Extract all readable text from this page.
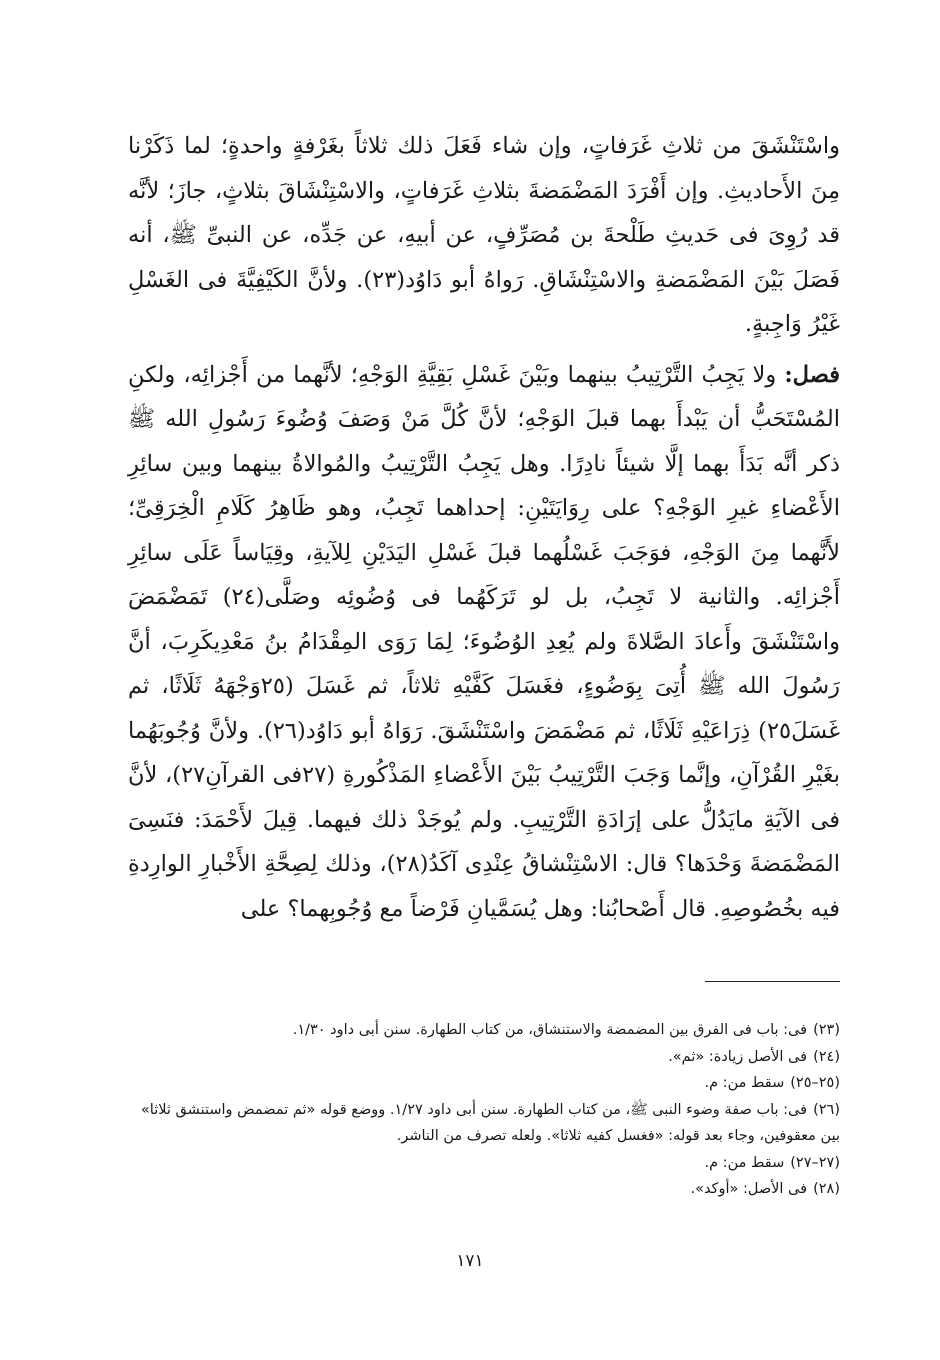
واسْتَنْشَقَ من ثلاثِ غَرَفاتٍ، وإن شاء فَعَلَ ذلك ثلاثاً بغَرْفةٍ واحدةٍ؛ لما ذَكَرْنا مِنَ الأَحاديثِ. وإن أَفْرَدَ المَضْمَضةَ بثلاثِ غَرَفاتٍ، والاسْتِنْشَاقَ بثلاثٍ، جازَ؛ لأنَّه قد رُوِىَ فى حَديثِ طَلْحةَ بن مُصَرِّفٍ، عن أبيهِ، عن جَدِّه، عن النبىِّ ﷺ، أنه فَصَلَ بَيْنَ المَضْمَضةِ والاسْتِنْشَاقِ. رَواهُ أبو دَاوُد(٢٣). ولأنَّ الكَيْفِيَّةَ فى الغَسْلِ غَيْرُ وَاجِبةٍ.

فصل: ولا يَجِبُ التَّرْتِيبُ بينهما وبَيْنَ غَسْلِ بَقِيَّةِ الوَجْهِ؛ لأنَّهما من أَجْزائِه، ولكنِ المُسْتَحَبُّ أن يَبْدأَ بهما قبلَ الوَجْهِ؛ لأنَّ كُلَّ مَنْ وَصَفَ وُضُوءَ رَسُولِ الله ﷺ ذكر أنَّه بَدَأَ بهما إلَّا شيئاً نادِرًا. وهل يَجِبُ التَّرْتِيبُ والمُوالاةُ بينهما وبين سائِرِ الأَعْضاءِ غيرِ الوَجْهِ؟ على رِوَايَتَيْنِ: إحداهما تَجِبُ، وهو ظَاهِرُ كَلَامِ الْخِرَقِىِّ؛ لأَنَّهما مِنَ الوَجْهِ، فوَجَبَ غَسْلُهما قبلَ غَسْلِ اليَدَيْنِ لِلآيةِ، وقِيَاساً عَلَى سائِرِ أَجْزائِه. والثانية لا تَجِبُ، بل لو تَرَكَهُما فى وُضُوئِه وصَلَّى(٢٤) تَمَضْمَضَ واسْتَنْشَقَ وأَعادَ الصَّلاةَ ولم يُعِدِ الوُضُوءَ؛ لِمَا رَوَى المِقْدَامُ بنُ مَعْدِيكَرِبَ، أنَّ رَسُولَ الله ﷺ أُتِىَ بِوَضُوءٍ، فغَسَلَ كَفَّيْهِ ثلاثاً، ثم غَسَلَ (٢٥وَجْهَهُ ثَلَاثًا، ثم غَسَلَ٢٥) ذِرَاعَيْهِ ثَلَاثًا، ثم مَضْمَضَ واسْتَنْشَقَ. رَوَاهُ أبو دَاوُد(٢٦). ولأنَّ وُجُوبَهُما بغَيْرِ القُرْآنِ، وإنَّما وَجَبَ التَّرْتِيبُ بَيْنَ الأَعْضاءِ المَذْكُورةِ (٢٧فى القرآنِ٢٧)، لأنَّ فى الآيَةِ مايَدُلُّ على إرَادَةِ التَّرْتِيبِ. ولم يُوجَدْ ذلك فيهما. قِيلَ لأَحْمَدَ: فنَسِىَ المَضْمَضةَ وَحْدَها؟ قال: الاسْتِنْشاقُ عِنْدِى آكَدُ(٢٨)، وذلك لِصِحَّةِ الأَخْبارِ الوارِدةِ فيه بخُصُوصِهِ. قال أَصْحابُنا: وهل يُسَمَّيانِ فَرْضاً مع وُجُوبِهما؟ على

(٢٣)فى: باب فى الفرق بين المضمضة والاستنشاق، من كتاب الطهارة. سنن أبى داود ١/٣٠.

(٢٤)فى الأصل زيادة: «ثم».

(٢٥–٢٥)سقط من: م.

(٢٦)فى: باب صفة وضوء النبى ﷺ، من كتاب الطهارة. سنن أبى داود ١/٢٧. ووضع قوله «ثم تمضمض واستنشق ثلاثا» بين معقوفين، وجاء بعد قوله: «فغسل كفيه ثلاثا». ولعله تصرف من الناشر.

(٢٧–٢٧)سقط من: م.

(٢٨)فى الأصل: «أوكد».

١٧١
